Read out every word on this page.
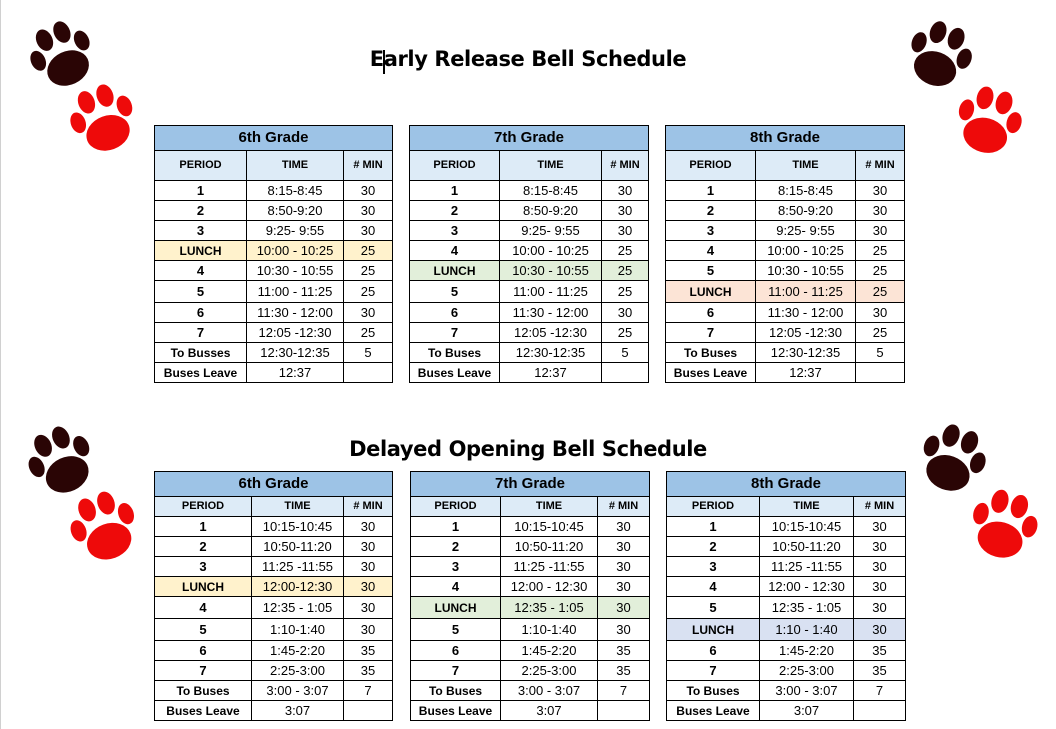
Early Release Bell Schedule
Delayed Opening Bell Schedule
6th Grade		
PERIOD	TIME	# MIN
1	8:15-8:45	30
2	8:50-9:20	30
3	9:25- 9:55	30
LUNCH	10:00 - 10:25	25
4	10:30 - 10:55	25
5	11:00 - 11:25	25
6	11:30 - 12:00	30
7	12:05 -12:30	25
To Busses	12:30-12:35	5
Buses Leave	12:37	
7th Grade		
PERIOD	TIME	# MIN
1	8:15-8:45	30
2	8:50-9:20	30
3	9:25- 9:55	30
4	10:00 - 10:25	25
LUNCH	10:30 - 10:55	25
5	11:00 - 11:25	25
6	11:30 - 12:00	30
7	12:05 -12:30	25
To Buses	12:30-12:35	5
Buses Leave	12:37	
8th Grade		
PERIOD	TIME	# MIN
1	8:15-8:45	30
2	8:50-9:20	30
3	9:25- 9:55	30
4	10:00 - 10:25	25
5	10:30 - 10:55	25
LUNCH	11:00 - 11:25	25
6	11:30 - 12:00	30
7	12:05 -12:30	25
To Buses	12:30-12:35	5
Buses Leave	12:37	
6th Grade		
PERIOD	TIME	# MIN
1	10:15-10:45	30
2	10:50-11:20	30
3	11:25 -11:55	30
LUNCH	12:00-12:30	30
4	12:35 - 1:05	30
5	1:10-1:40	30
6	1:45-2:20	35
7	2:25-3:00	35
To Buses	3:00 - 3:07	7
Buses Leave	3:07	
7th Grade		
PERIOD	TIME	# MIN
1	10:15-10:45	30
2	10:50-11:20	30
3	11:25 -11:55	30
4	12:00 - 12:30	30
LUNCH	12:35 - 1:05	30
5	1:10-1:40	30
6	1:45-2:20	35
7	2:25-3:00	35
To Buses	3:00 - 3:07	7
Buses Leave	3:07	
8th Grade		
PERIOD	TIME	# MIN
1	10:15-10:45	30
2	10:50-11:20	30
3	11:25 -11:55	30
4	12:00 - 12:30	30
5	12:35 - 1:05	30
LUNCH	1:10 - 1:40	30
6	1:45-2:20	35
7	2:25-3:00	35
To Buses	3:00 - 3:07	7
Buses Leave	3:07	
